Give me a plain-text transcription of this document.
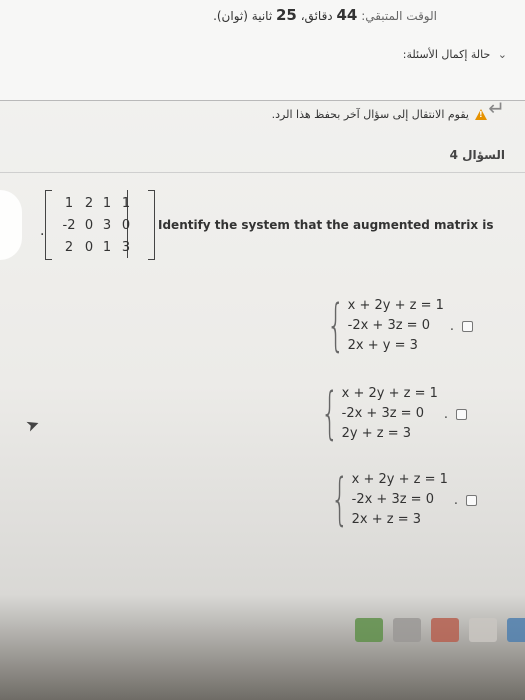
الوقت المتبقي: 44 دقائق، 25 ثانية (ثوان).
⌄ حالة إكمال الأسئلة:
↵
!
يقوم الانتقال إلى سؤال آخر بحفظ هذا الرد.
السؤال 4
.
1 2 1 1
-2 0 3 0
2 0 1 3
Identify the system that the augmented matrix is
{ x + 2y + z = 1
-2x + 3z = 0
2x + y = 3
.
{ x + 2y + z = 1
-2x + 3z = 0
2y + z = 3
.
{ x + 2y + z = 1
-2x + 3z = 0
2x + z = 3
.
➤
